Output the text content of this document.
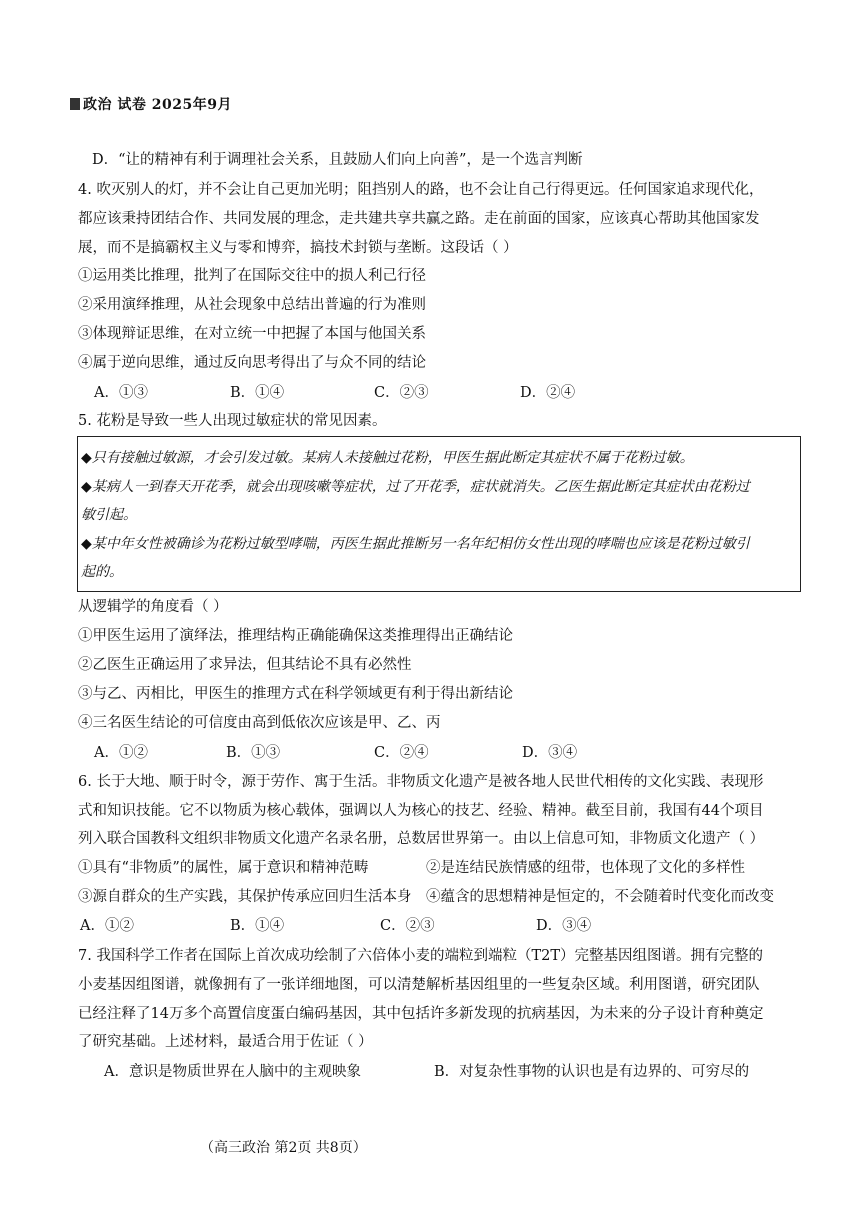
政治 试卷 2025年9月
D．“让的精神有利于调理社会关系，且鼓励人们向上向善”，是一个选言判断
4. 吹灭别人的灯，并不会让自己更加光明；阻挡别人的路，也不会让自己行得更远。任何国家追求现代化，
都应该秉持团结合作、共同发展的理念，走共建共享共赢之路。走在前面的国家，应该真心帮助其他国家发
展，而不是搞霸权主义与零和博弈，搞技术封锁与垄断。这段话（ ）
①运用类比推理，批判了在国际交往中的损人利己行径
②采用演绎推理，从社会现象中总结出普遍的行为准则
③体现辩证思维，在对立统一中把握了本国与他国关系
④属于逆向思维，通过反向思考得出了与众不同的结论
A．①③	B．①④	C．②③	D．②④
5. 花粉是导致一些人出现过敏症状的常见因素。
◆只有接触过敏源，才会引发过敏。某病人未接触过花粉，甲医生据此断定其症状不属于花粉过敏。
◆某病人一到春天开花季，就会出现咳嗽等症状，过了开花季，症状就消失。乙医生据此断定其症状由花粉过
敏引起。
◆某中年女性被确诊为花粉过敏型哮喘，丙医生据此推断另一名年纪相仿女性出现的哮喘也应该是花粉过敏引
起的。
从逻辑学的角度看（ ）
①甲医生运用了演绎法，推理结构正确能确保这类推理得出正确结论
②乙医生正确运用了求异法，但其结论不具有必然性
③与乙、丙相比，甲医生的推理方式在科学领域更有利于得出新结论
④三名医生结论的可信度由高到低依次应该是甲、乙、丙
A．①②	B．①③	C．②④	D．③④
6. 长于大地、顺于时令，源于劳作、寓于生活。非物质文化遗产是被各地人民世代相传的文化实践、表现形
式和知识技能。它不以物质为核心载体，强调以人为核心的技艺、经验、精神。截至目前，我国有44个项目
列入联合国教科文组织非物质文化遗产名录名册，总数居世界第一。由以上信息可知，非物质文化遗产（ ）
①具有“非物质”的属性，属于意识和精神范畴	②是连结民族情感的纽带，也体现了文化的多样性
③源自群众的生产实践，其保护传承应回归生活本身 ④蕴含的思想精神是恒定的，不会随着时代变化而改变
A．①②	B．①④	C．②③	D．③④
7. 我国科学工作者在国际上首次成功绘制了六倍体小麦的端粒到端粒（T2T）完整基因组图谱。拥有完整的
小麦基因组图谱，就像拥有了一张详细地图，可以清楚解析基因组里的一些复杂区域。利用图谱，研究团队
已经注释了14万多个高置信度蛋白编码基因，其中包括许多新发现的抗病基因，为未来的分子设计育种奠定
了研究基础。上述材料，最适合用于佐证（ ）
A．意识是物质世界在人脑中的主观映象	B．对复杂性事物的认识也是有边界的、可穷尽的
（高三政治 第2页 共8页）
